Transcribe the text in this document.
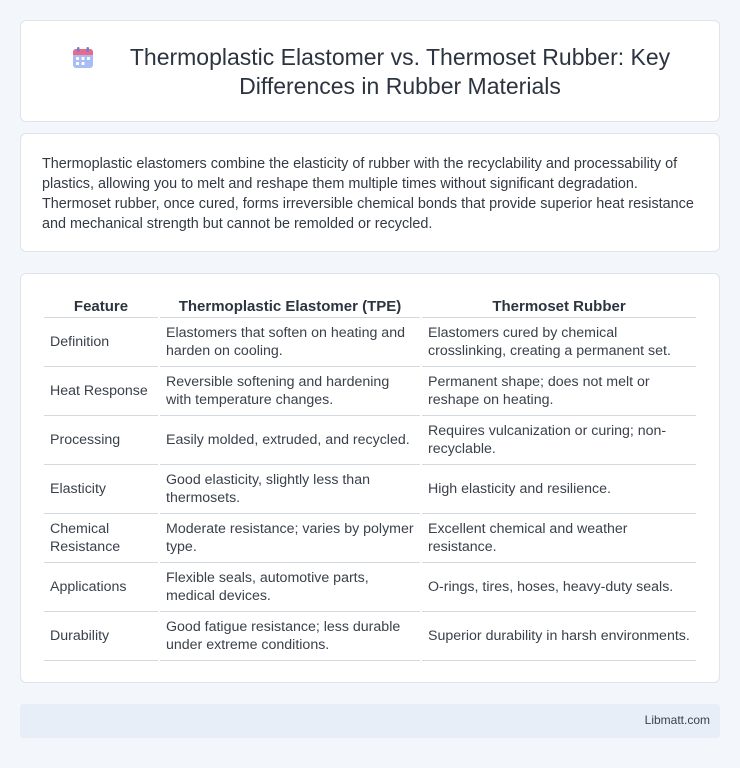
Thermoplastic Elastomer vs. Thermoset Rubber: Key Differences in Rubber Materials

Thermoplastic elastomers combine the elasticity of rubber with the recyclability and processability of plastics, allowing you to melt and reshape them multiple times without significant degradation. Thermoset rubber, once cured, forms irreversible chemical bonds that provide superior heat resistance and mechanical strength but cannot be remolded or recycled.

Feature	Thermoplastic Elastomer (TPE)	Thermoset Rubber
Definition	Elastomers that soften on heating and harden on cooling.	Elastomers cured by chemical crosslinking, creating a permanent set.
Heat Response	Reversible softening and hardening with temperature changes.	Permanent shape; does not melt or reshape on heating.
Processing	Easily molded, extruded, and recycled.	Requires vulcanization or curing; non-recyclable.
Elasticity	Good elasticity, slightly less than thermosets.	High elasticity and resilience.
Chemical Resistance	Moderate resistance; varies by polymer type.	Excellent chemical and weather resistance.
Applications	Flexible seals, automotive parts, medical devices.	O-rings, tires, hoses, heavy-duty seals.
Durability	Good fatigue resistance; less durable under extreme conditions.	Superior durability in harsh environments.
Libmatt.com
